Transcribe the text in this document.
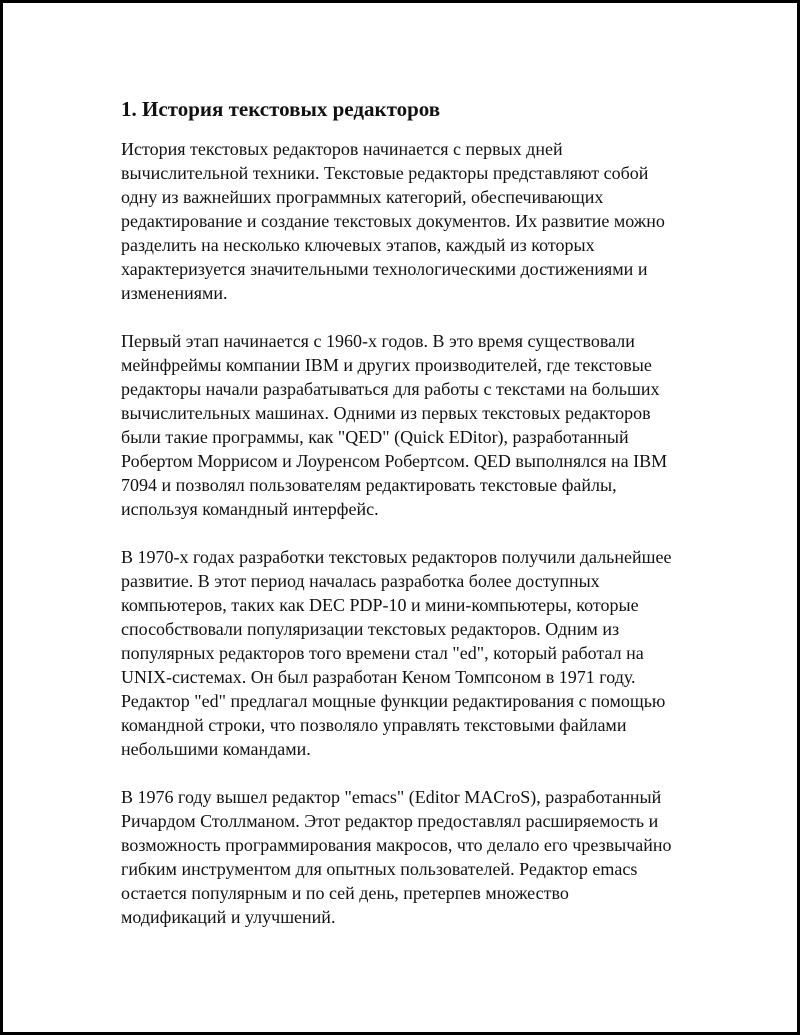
1. История текстовых редакторов

История текстовых редакторов начинается с первых дней
вычислительной техники. Текстовые редакторы представляют собой
одну из важнейших программных категорий, обеспечивающих
редактирование и создание текстовых документов. Их развитие можно
разделить на несколько ключевых этапов, каждый из которых
характеризуется значительными технологическими достижениями и
изменениями.

Первый этап начинается с 1960-х годов. В это время существовали
мейнфреймы компании IBM и других производителей, где текстовые
редакторы начали разрабатываться для работы с текстами на больших
вычислительных машинах. Одними из первых текстовых редакторов
были такие программы, как "QED" (Quick EDitor), разработанный
Робертом Моррисом и Лоуренсом Робертсом. QED выполнялся на IBM
7094 и позволял пользователям редактировать текстовые файлы,
используя командный интерфейс.

В 1970-х годах разработки текстовых редакторов получили дальнейшее
развитие. В этот период началась разработка более доступных
компьютеров, таких как DEC PDP-10 и мини-компьютеры, которые
способствовали популяризации текстовых редакторов. Одним из
популярных редакторов того времени стал "ed", который работал на
UNIX-системах. Он был разработан Кеном Томпсоном в 1971 году.
Редактор "ed" предлагал мощные функции редактирования с помощью
командной строки, что позволяло управлять текстовыми файлами
небольшими командами.

В 1976 году вышел редактор "emacs" (Editor MACroS), разработанный
Ричардом Столлманом. Этот редактор предоставлял расширяемость и
возможность программирования макросов, что делало его чрезвычайно
гибким инструментом для опытных пользователей. Редактор emacs
остается популярным и по сей день, претерпев множество
модификаций и улучшений.
